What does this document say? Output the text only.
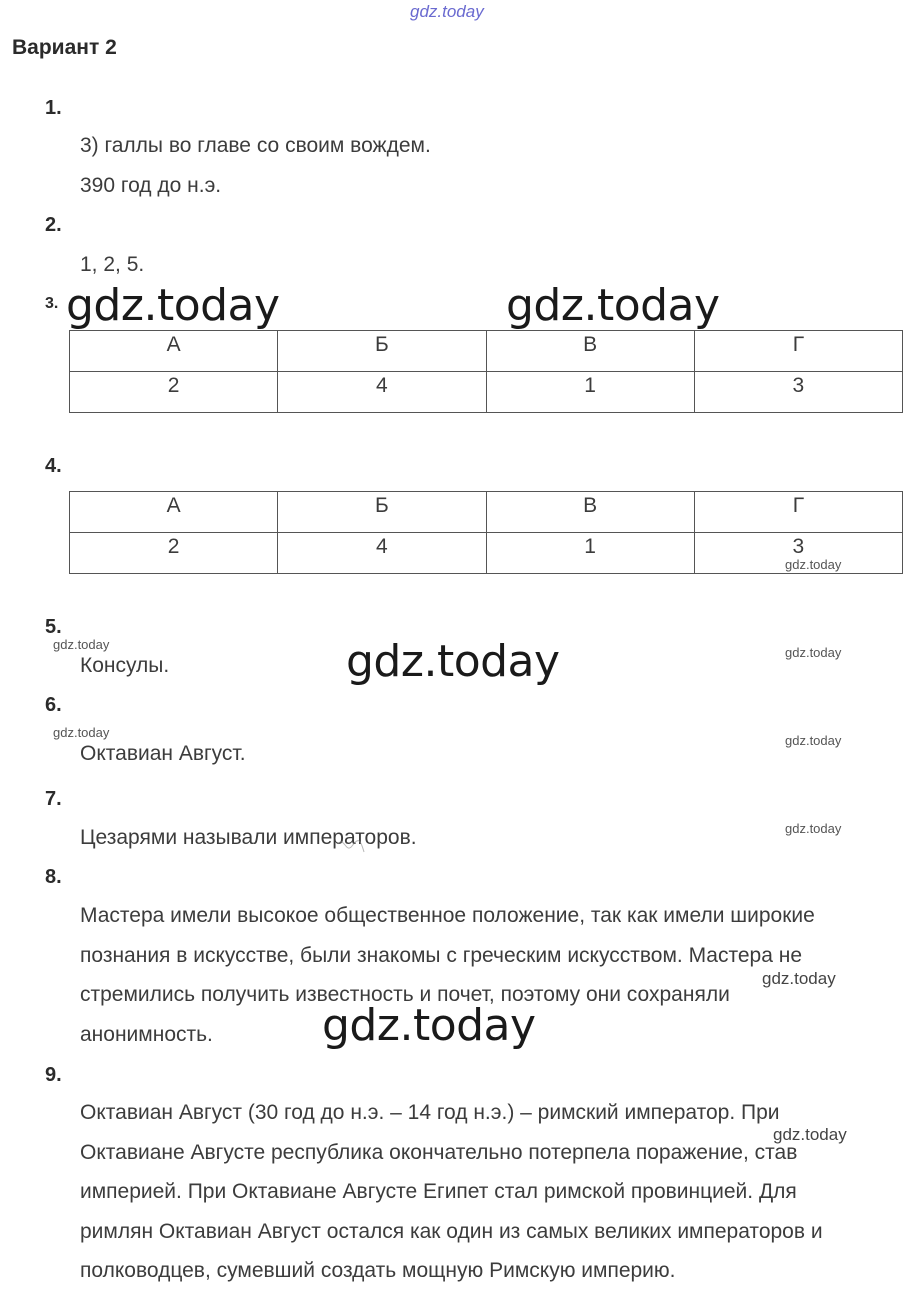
gdz.today
Вариант 2
1.
3) галлы во главе со своим вождем.
390 год до н.э.
2.
1, 2, 5.
3.
А	Б	В	Г
2	4	1	3
gdz.today	gdz.today
4.
А	Б	В	Г
2	4	1	3
gdz.today
5.
gdz.today
Консулы.	gdz.today	gdz.today
6.
gdz.today
Октавиан Август.
gdz.today
7.
Цезарями называли императоров.	gdz.today
8.
Мастера имели высокое общественное положение, так как имели широкие
познания в искусстве, были знакомы с греческим искусством. Мастера не
стремились получить известность и почет, поэтому они сохраняли
анонимность.
gdz.today
gdz.today
9.
Октавиан Август (30 год до н.э. – 14 год н.э.) – римский император. При
Октавиане Августе республика окончательно потерпела поражение, став
империей. При Октавиане Августе Египет стал римской провинцией. Для
римлян Октавиан Август остался как один из самых великих императоров и
полководцев, сумевший создать мощную Римскую империю.
gdz.today
